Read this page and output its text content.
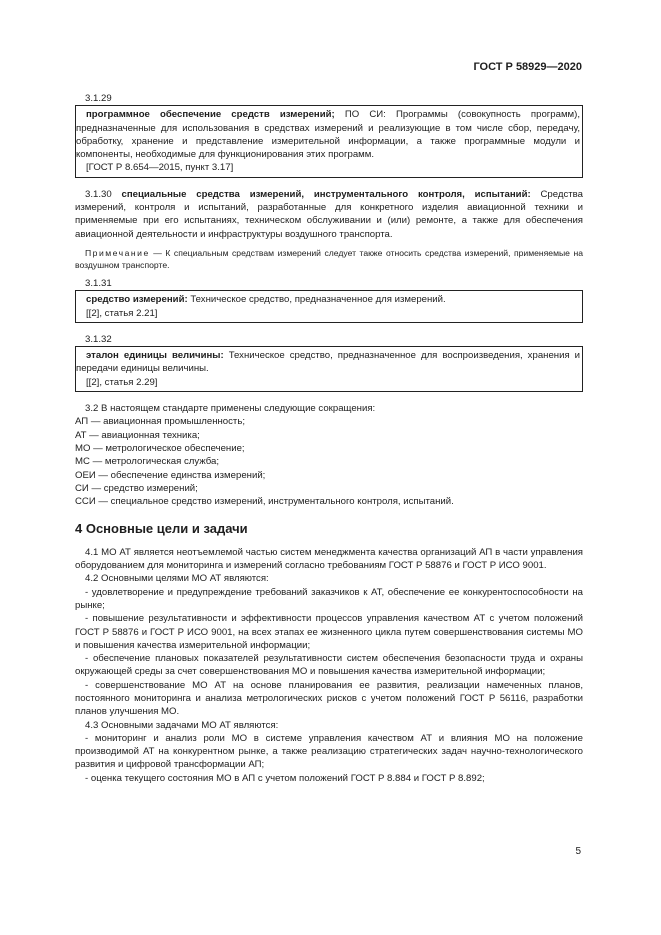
ГОСТ Р 58929—2020

3.1.29

программное обеспечение средств измерений; ПО СИ: Программы (совокупность программ), предназначенные для использования в средствах измерений и реализующие в том числе сбор, передачу, обработку, хранение и представление измерительной информации, а также программные модули и компоненты, необходимые для функционирования этих программ.

[ГОСТ Р 8.654—2015, пункт 3.17]

3.1.30 специальные средства измерений, инструментального контроля, испытаний: Средства измерений, контроля и испытаний, разработанные для конкретного изделия авиационной техники и применяемые при его испытаниях, техническом обслуживании и (или) ремонте, а также для обеспечения авиационной деятельности и инфраструктуры воздушного транспорта.

Примечание — К специальным средствам измерений следует также относить средства измерений, применяемые на воздушном транспорте.

3.1.31

средство измерений: Техническое средство, предназначенное для измерений.

[[2], статья 2.21]

3.1.32

эталон единицы величины: Техническое средство, предназначенное для воспроизведения, хранения и передачи единицы величины.

[[2], статья 2.29]

3.2 В настоящем стандарте применены следующие сокращения:

АП — авиационная промышленность;

АТ — авиационная техника;

МО — метрологическое обеспечение;

МС — метрологическая служба;

ОЕИ — обеспечение единства измерений;

СИ — средство измерений;

ССИ — специальное средство измерений, инструментального контроля, испытаний.

4 Основные цели и задачи

4.1 МО АТ является неотъемлемой частью систем менеджмента качества организаций АП в части управления оборудованием для мониторинга и измерений согласно требованиям ГОСТ Р 58876 и ГОСТ Р ИСО 9001.

4.2 Основными целями МО АТ являются:

- удовлетворение и предупреждение требований заказчиков к АТ, обеспечение ее конкурентоспособности на рынке;

- повышение результативности и эффективности процессов управления качеством АТ с учетом положений ГОСТ Р 58876 и ГОСТ Р ИСО 9001, на всех этапах ее жизненного цикла путем совершенствования системы МО и повышения качества измерительной информации;

- обеспечение плановых показателей результативности систем обеспечения безопасности труда и охраны окружающей среды за счет совершенствования МО и повышения качества измерительной информации;

- совершенствование МО АТ на основе планирования ее развития, реализации намеченных планов, постоянного мониторинга и анализа метрологических рисков с учетом положений ГОСТ Р 56116, разработки планов улучшения МО.

4.3 Основными задачами МО АТ являются:

- мониторинг и анализ роли МО в системе управления качеством АТ и влияния МО на положение производимой АТ на конкурентном рынке, а также реализацию стратегических задач научно-технологического развития и цифровой трансформации АП;

- оценка текущего состояния МО в АП с учетом положений ГОСТ Р 8.884 и ГОСТ Р 8.892;

5
